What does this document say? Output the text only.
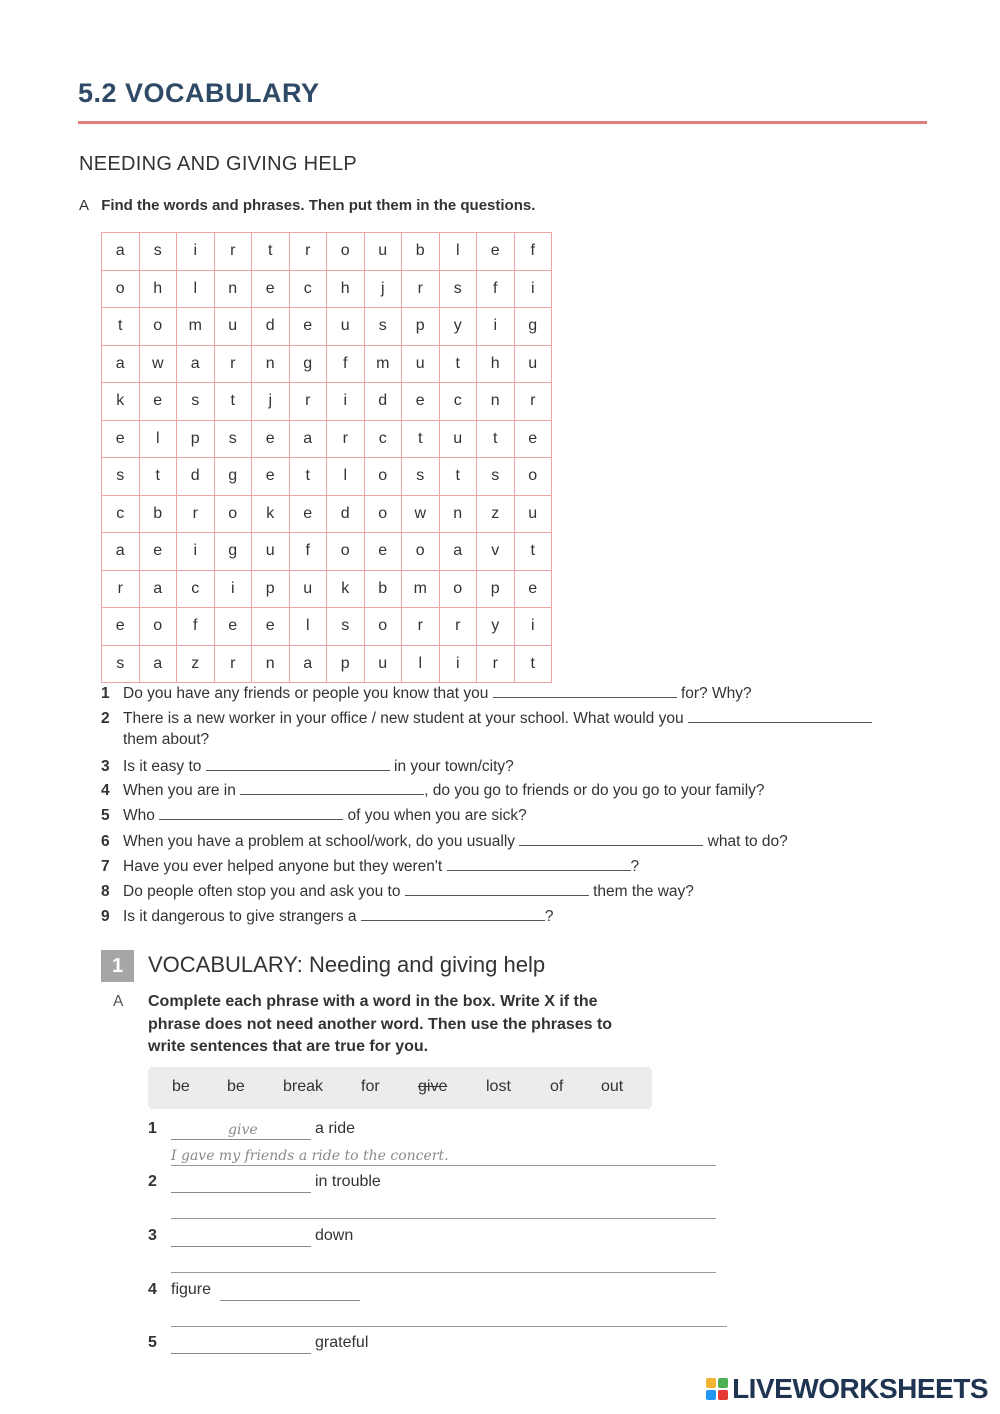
5.2 VOCABULARY
NEEDING AND GIVING HELP
A Find the words and phrases. Then put them in the questions.
a	s	i	r	t	r	o	u	b	l	e	f
o	h	l	n	e	c	h	j	r	s	f	i
t	o	m	u	d	e	u	s	p	y	i	g
a	w	a	r	n	g	f	m	u	t	h	u
k	e	s	t	j	r	i	d	e	c	n	r
e	l	p	s	e	a	r	c	t	u	t	e
s	t	d	g	e	t	l	o	s	t	s	o
c	b	r	o	k	e	d	o	w	n	z	u
a	e	i	g	u	f	o	e	o	a	v	t
r	a	c	i	p	u	k	b	m	o	p	e
e	o	f	e	e	l	s	o	r	r	y	i
s	a	z	r	n	a	p	u	l	i	r	t
1 Do you have any friends or people you know that you	for? Why?
2 There is a new worker in your office / new student at your school. What would you
them about?
3 Is it easy to	in your town/city?
4 When you are in	, do you go to friends or do you go to your family?
5 Who	of you when you are sick?
6 When you have a problem at school/work, do you usually	what to do?
7 Have you ever helped anyone but they weren't	?
8 Do people often stop you and ask you to	them the way?
9 Is it dangerous to give strangers a	?
1	VOCABULARY: Needing and giving help
A Complete each phrase with a word in the box. Write X if the phrase does not need another word. Then use the phrases to write sentences that are true for you.
be be break for give lost of out
1	give	a ride
I gave my friends a ride to the concert.
2	in trouble
3	down
4 figure
5	grateful
LIVEWORKSHEETS
